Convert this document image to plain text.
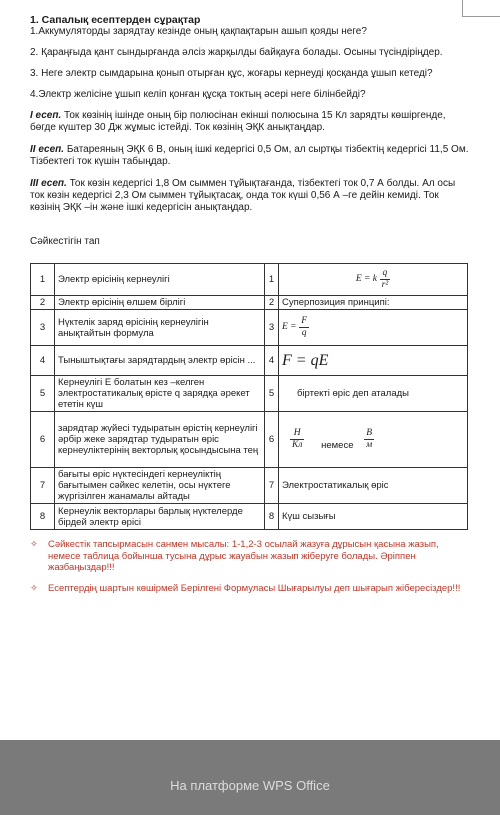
1. Сапалық есептерден сұрақтар
1.Аккумуляторды зарядтау кезінде оның қақпақтарын ашып қояды неге?
2. Қараңғыда қант сындырғанда әлсіз жарқылды байқауға болады. Осыны түсіндіріңдер.
3. Неге электр сымдарына қонып отырған құс, жоғары кернеуді қосқанда ұшып кетеді?
4.Электр желісіне ұшып келіп қонған құсқа токтың әсері неге білінбейді?
I есеп. Ток көзінің ішінде оның бір полюсінан екінші полюсына 15 Кл зарядты көшіргенде, бөгде күштер 30 Дж жұмыс істейді. Ток көзінің ЭҚК анықтаңдар.
II есеп. Батареяның ЭҚК 6 В, оның ішкі кедергісі 0,5 Ом, ал сыртқы тізбектің кедергісі 11,5 Ом. Тізбектегі ток күшін табыңдар.
III есеп. Ток көзін кедергісі 1,8 Ом сыммен тұйықтағанда, тізбектегі ток 0,7 А болды. Ал осы ток көзін кедергісі 2,3 Ом сыммен тұйықтасақ, онда ток күші 0,56 А –ге дейін кемиді. Ток көзінің ЭҚК –ін және ішкі кедергісін анықтаңдар.
Сәйкестігін тап
1	Электр өрісінің кернеулігі	1	E = k $\frac{q}{\text{r²}}$

2	Электр өрісінің өлшем бірлігі	2	Суперпозиция принципі:
3	Нүктелік заряд өрісінің кернеулігін анықтайтын формула	3	$E = \frac{F}{q}$

4	Тыныштықтағы зарядтардың электр өрісін ...	4	F = qE
5	Кернеулігі Е болатын кез –келген электростатикалық өрісте q зарядқа әрекет ететін күш	5	біртекті өріс деп аталады
6	зарядтар жүйесі тудыратын өрістің кернеулігі әрбір жеке зарядтар тудыратын өріс кернеуліктерінің векторлық қосындысына тең	6	$\frac{Н}{Кл}$ немесе $\frac{В}{м}$

7	бағыты өріс нүктесіндегі кернеуліктің бағытымен сәйкес келетін, осы нүктеге жүргізілген жанамалы айтады	7	Электростатикалық өріс
8	Кернеулік векторлары барлық нүктелерде бірдей электр өрісі	8	Күш сызығы
✧ Сәйкестік тапсырмасын санмен мысалы: 1-1,2-3 осылай жазуға дұрысын қасына жазып, немесе таблица бойынша тусына дұрыс жауабын жазып жіберуге болады. Әріппен жазбаңыздар!!!
✧ Есептердің шартын көшірмей Берілгені Формуласы Шығарылуы деп шығарып жібересіздер!!!
На платформе WPS Office
